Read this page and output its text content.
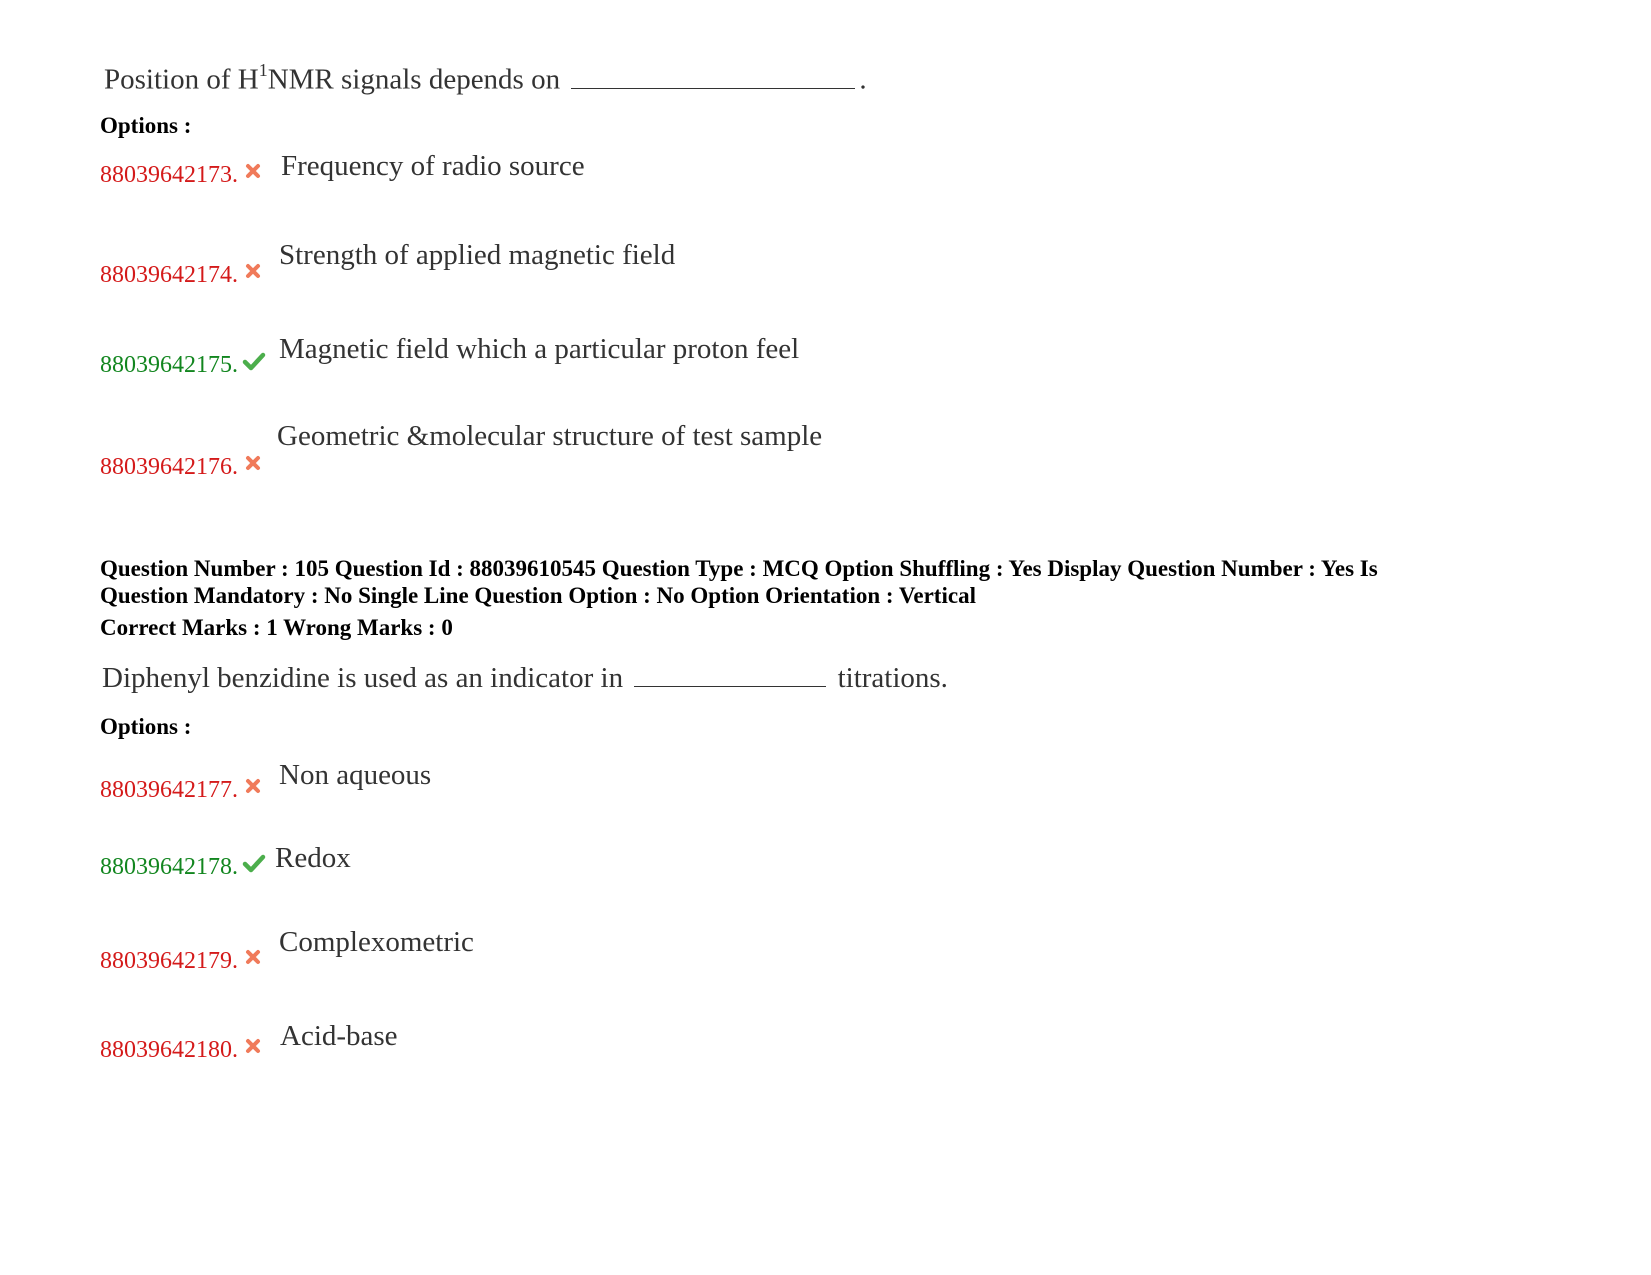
Position of $H^1NMR$ signals depends on	.
Options :
88039642173. Frequency of radio source
88039642174.
Strength of applied magnetic field
88039642175. Magnetic field which a particular proton feel
88039642176.
Geometric &molecular structure of test sample
Question Number : 105 Question Id : 88039610545 Question Type : MCQ Option Shuffling : Yes Display Question Number : Yes Is
Question Mandatory : No Single Line Question Option : No Option Orientation : Vertical
Correct Marks : 1 Wrong Marks : 0
Diphenyl benzidine is used as an indicator in	titrations.
Options :
88039642177. Non aqueous
88039642178. Redox
88039642179.
Complexometric
88039642180. Acid-base
